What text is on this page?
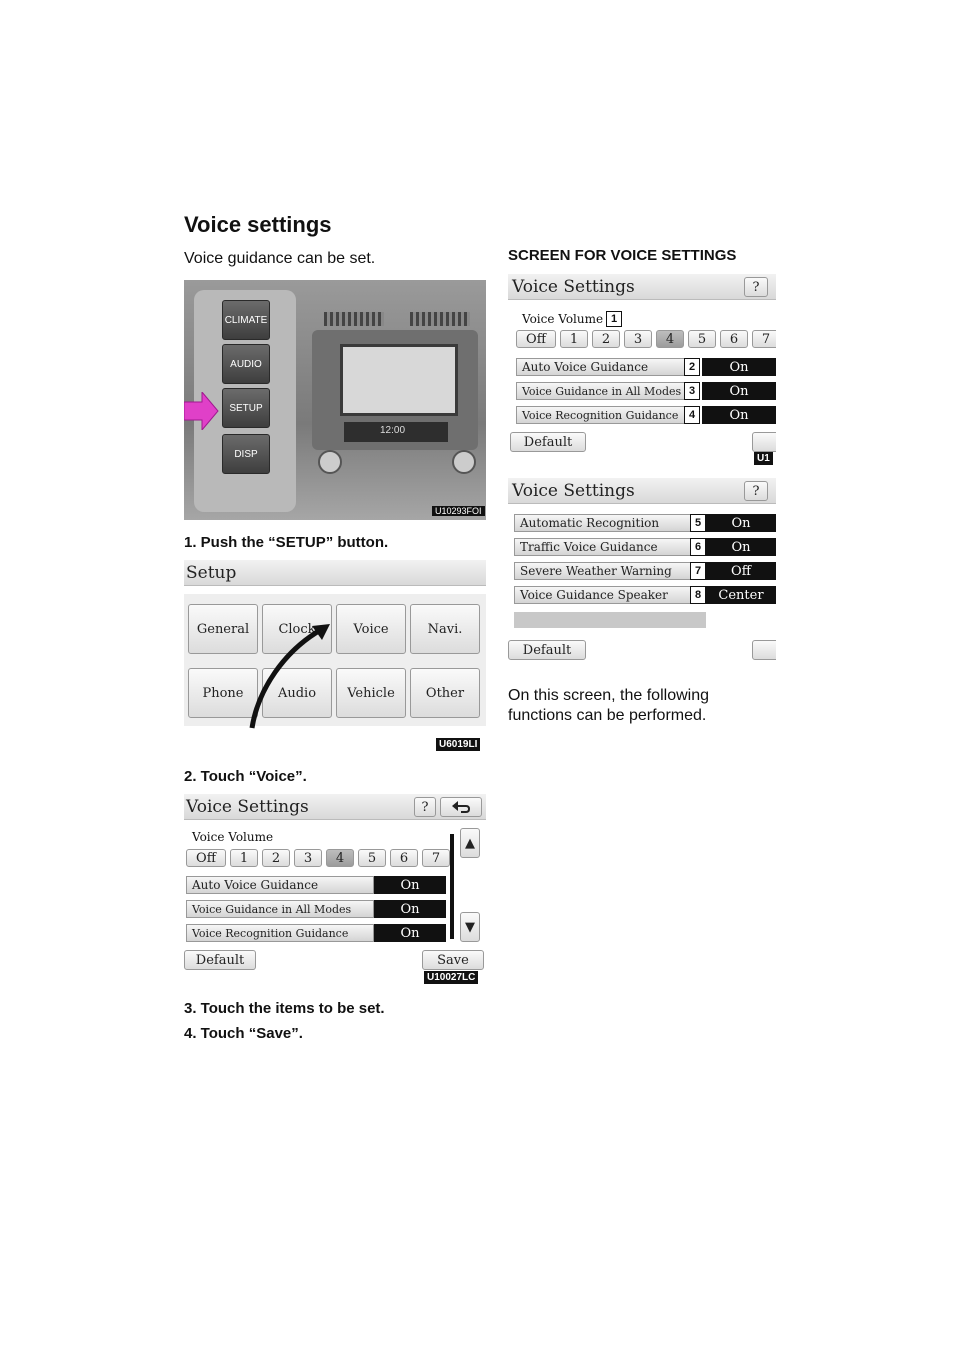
Voice settings
Voice guidance can be set.
CLIMATE
AUDIO
SETUP
DISP
12:00
U10293FOI
1. Push the “SETUP” button.
Setup
General	Clock	Voice	Navi.
Phone	Audio	Vehicle	Other
U6019LI
2. Touch “Voice”.
Voice Settings	?
Voice Volume
Off	1	2	3	4	5	6	7
▲
▼
Auto Voice Guidance	On
Voice Guidance in All Modes	On
Voice Recognition Guidance	On
Default	Save
U10027LC
3. Touch the items to be set.
4. Touch “Save”.
SCREEN FOR VOICE SETTINGS
Voice Settings	?
Voice Volume 1
Off	1	2	3	4	5	6	7
Auto Voice Guidance	2	On
Voice Guidance in All Modes 3	On
Voice Recognition Guidance 4	On
Default
U1
Voice Settings	?
Automatic Recognition	5	On
Traffic Voice Guidance	6	On
Severe Weather Warning	7	Off
Voice Guidance Speaker	8	Center
Default
On this screen, the following functions can be performed.
